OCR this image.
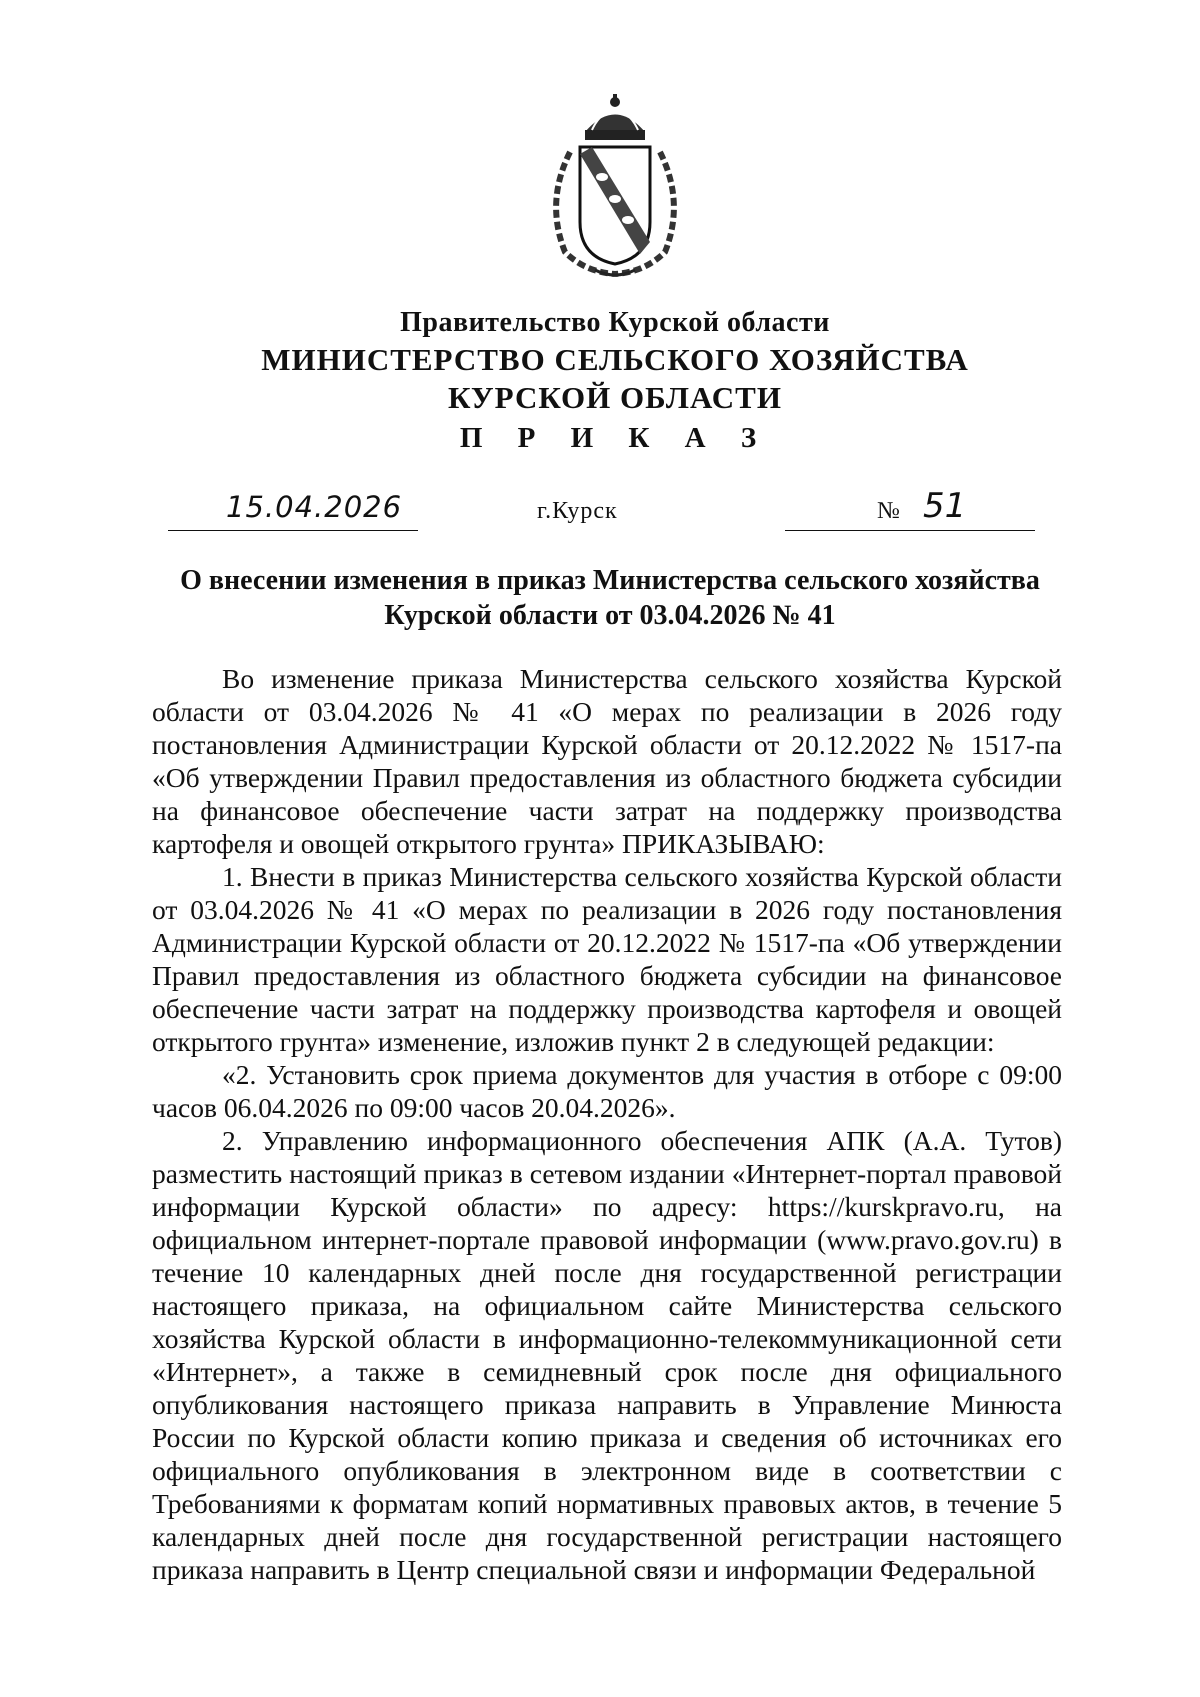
Правительство Курской области
МИНИСТЕРСТВО СЕЛЬСКОГО ХОЗЯЙСТВА
КУРСКОЙ ОБЛАСТИ
П Р И К А З
15.04.2026	г.Курск	№ 51
О внесении изменения в приказ Министерства сельского хозяйства Курской области от 03.04.2026 № 41

Во изменение приказа Министерства сельского хозяйства Курской области от 03.04.2026 № 41 «О мерах по реализации в 2026 году постановления Администрации Курской области от 20.12.2022 № 1517-па «Об утверждении Правил предоставления из областного бюджета субсидии на финансовое обеспечение части затрат на поддержку производства картофеля и овощей открытого грунта» ПРИКАЗЫВАЮ:

1. Внести в приказ Министерства сельского хозяйства Курской области от 03.04.2026 № 41 «О мерах по реализации в 2026 году постановления Администрации Курской области от 20.12.2022 № 1517-па «Об утверждении Правил предоставления из областного бюджета субсидии на финансовое обеспечение части затрат на поддержку производства картофеля и овощей открытого грунта» изменение, изложив пункт 2 в следующей редакции:

«2. Установить срок приема документов для участия в отборе с 09:00 часов 06.04.2026 по 09:00 часов 20.04.2026».

2. Управлению информационного обеспечения АПК (А.А. Тутов) разместить настоящий приказ в сетевом издании «Интернет-портал правовой информации Курской области» по адресу: https://kurskpravo.ru, на официальном интернет-портале правовой информации (www.pravo.gov.ru) в течение 10 календарных дней после дня государственной регистрации настоящего приказа, на официальном сайте Министерства сельского хозяйства Курской области в информационно-телекоммуникационной сети «Интернет», а также в семидневный срок после дня официального опубликования настоящего приказа направить в Управление Минюста России по Курской области копию приказа и сведения об источниках его официального опубликования в электронном виде в соответствии с Требованиями к форматам копий нормативных правовых актов, в течение 5 календарных дней после дня государственной регистрации настоящего приказа направить в Центр специальной связи и информации Федеральной
